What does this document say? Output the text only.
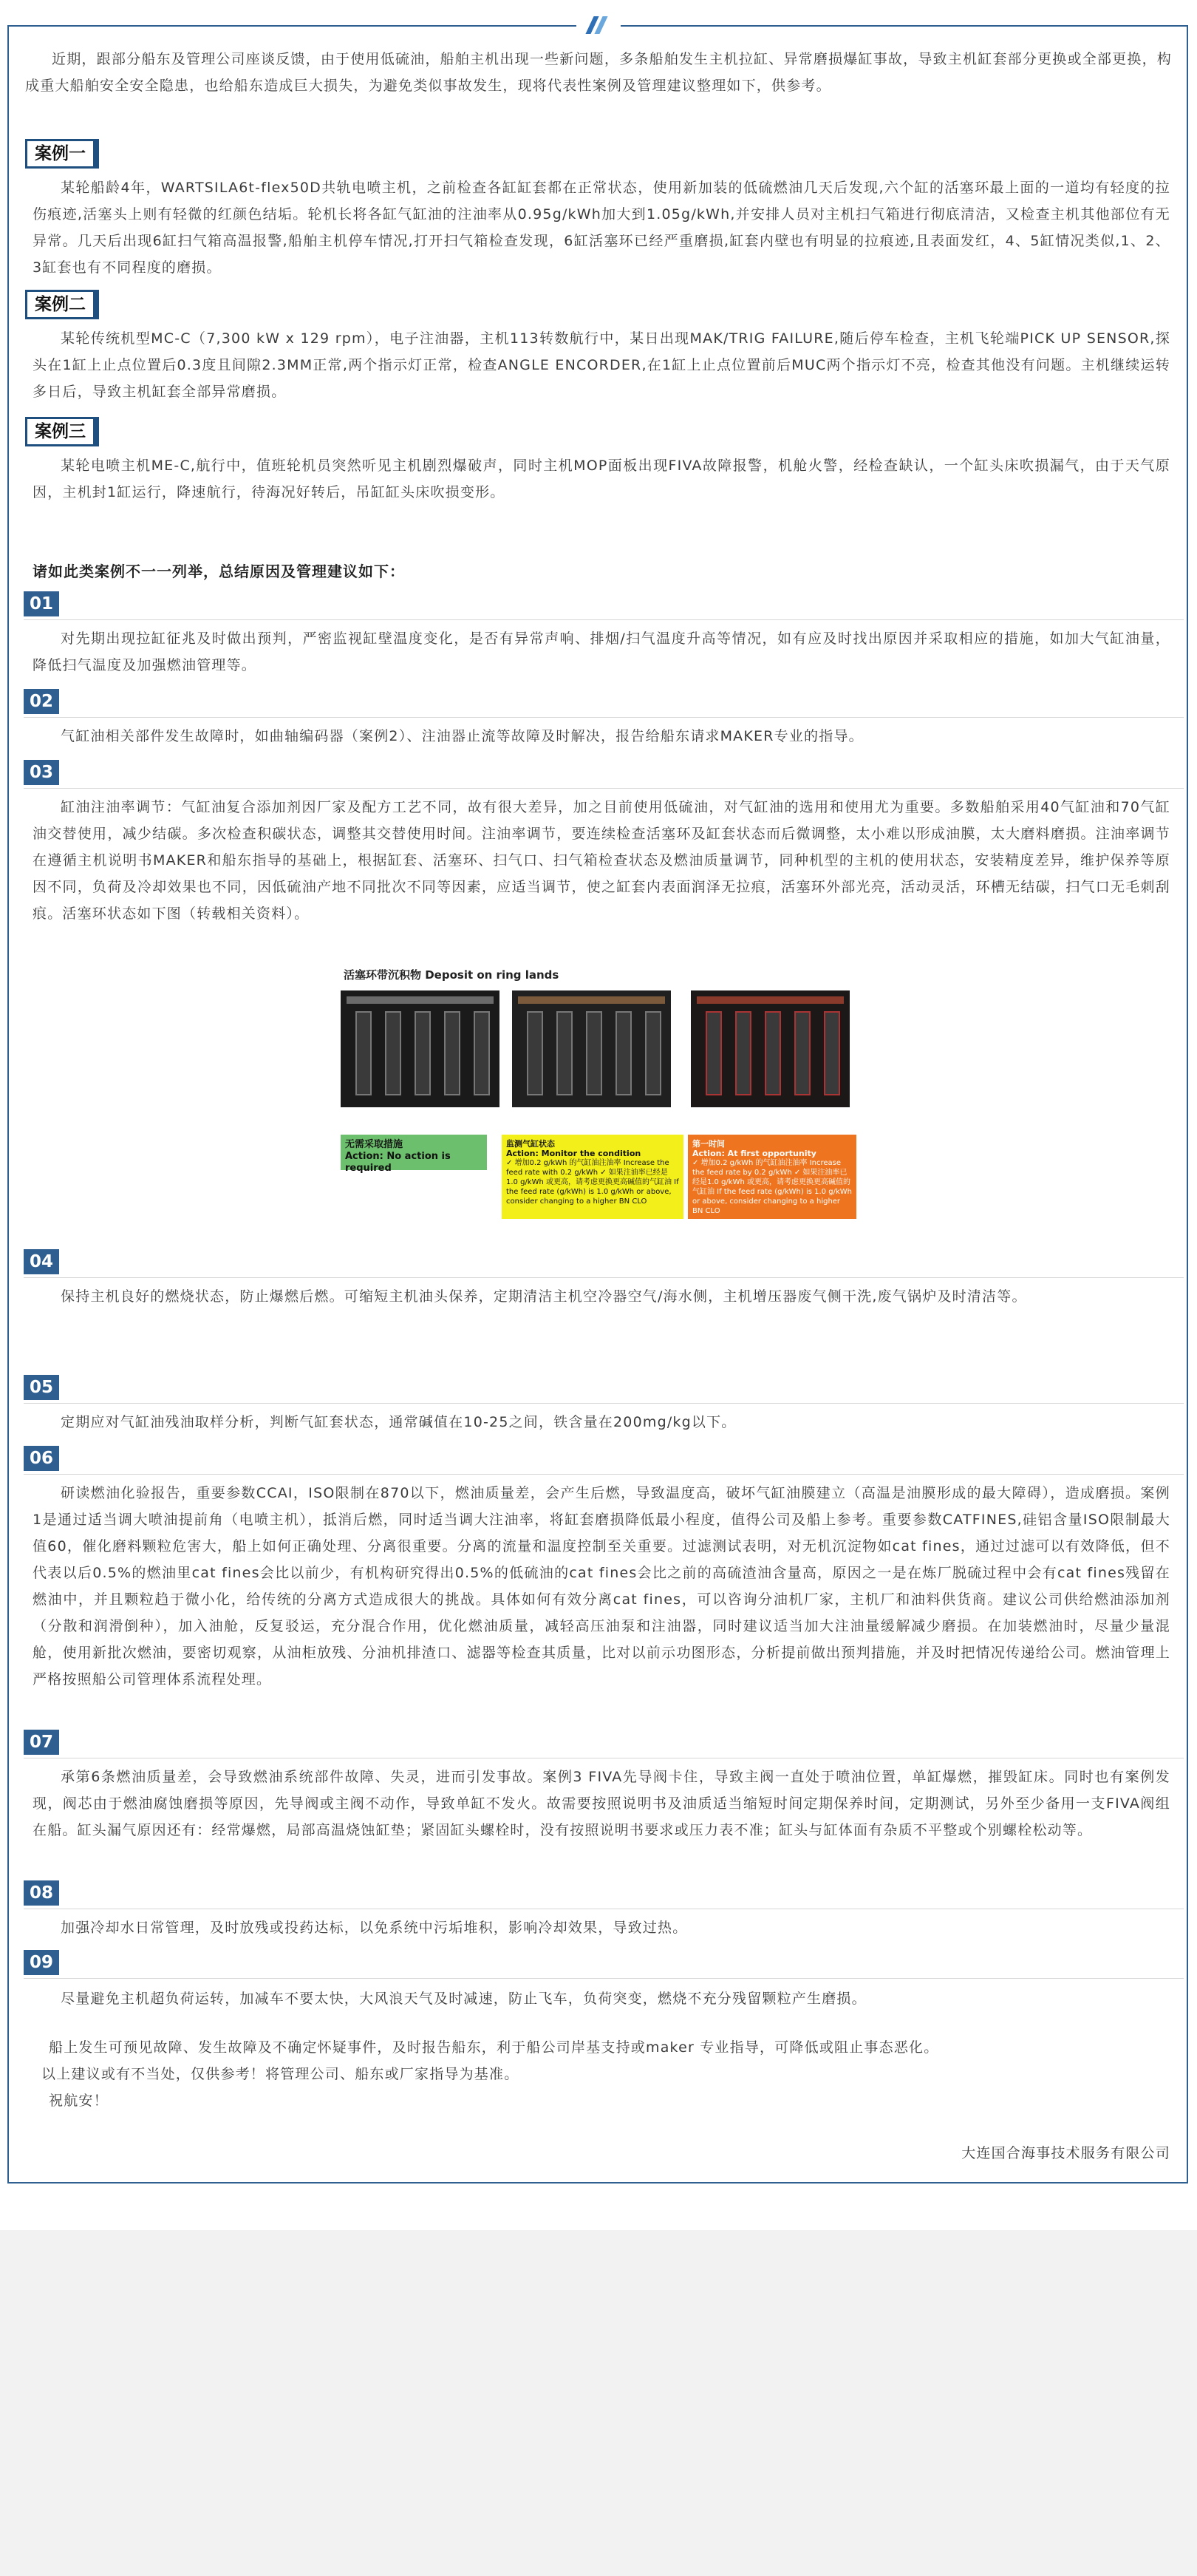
近期，跟部分船东及管理公司座谈反馈，由于使用低硫油，船舶主机出现一些新问题，多条船舶发生主机拉缸、异常磨损爆缸事故，导致主机缸套部分更换或全部更换，构成重大船舶安全安全隐患，也给船东造成巨大损失，为避免类似事故发生，现将代表性案例及管理建议整理如下，供参考。

案例一

某轮船龄4年，WARTSILA6t-flex50D共轨电喷主机，之前检查各缸缸套都在正常状态，使用新加装的低硫燃油几天后发现,六个缸的活塞环最上面的一道均有轻度的拉伤痕迹,活塞头上则有轻微的红颜色结垢。轮机长将各缸气缸油的注油率从0.95g/kWh加大到1.05g/kWh,并安排人员对主机扫气箱进行彻底清洁，又检查主机其他部位有无异常。几天后出现6缸扫气箱高温报警,船舶主机停车情况,打开扫气箱检查发现，6缸活塞环已经严重磨损,缸套内壁也有明显的拉痕迹,且表面发红，4、5缸情况类似,1、2、3缸套也有不同程度的磨损。

案例二

某轮传统机型MC-C（7,300 kW x 129 rpm），电子注油器，主机113转数航行中，某日出现MAK/TRIG FAILURE,随后停车检查，主机飞轮端PICK UP SENSOR,探头在1缸上止点位置后0.3度且间隙2.3MM正常,两个指示灯正常，检查ANGLE ENCORDER,在1缸上止点位置前后MUC两个指示灯不亮，检查其他没有问题。主机继续运转多日后，导致主机缸套全部异常磨损。

案例三

某轮电喷主机ME-C,航行中，值班轮机员突然听见主机剧烈爆破声，同时主机MOP面板出现FIVA故障报警，机舱火警，经检查缺认，一个缸头床吹损漏气，由于天气原因，主机封1缸运行，降速航行，待海况好转后，吊缸缸头床吹损变形。

诸如此类案例不一一列举，总结原因及管理建议如下：
01

对先期出现拉缸征兆及时做出预判，严密监视缸壁温度变化，是否有异常声响、排烟/扫气温度升高等情况，如有应及时找出原因并采取相应的措施，如加大气缸油量，降低扫气温度及加强燃油管理等。

02

气缸油相关部件发生故障时，如曲轴编码器（案例2）、注油器止流等故障及时解决，报告给船东请求MAKER专业的指导。

03

缸油注油率调节：气缸油复合添加剂因厂家及配方工艺不同，故有很大差异，加之目前使用低硫油，对气缸油的选用和使用尤为重要。多数船舶采用40气缸油和70气缸油交替使用，减少结碳。多次检查积碳状态，调整其交替使用时间。注油率调节，要连续检查活塞环及缸套状态而后微调整，太小难以形成油膜，太大磨料磨损。注油率调节在遵循主机说明书MAKER和船东指导的基础上，根据缸套、活塞环、扫气口、扫气箱检查状态及燃油质量调节，同种机型的主机的使用状态，安装精度差异，维护保养等原因不同，负荷及冷却效果也不同，因低硫油产地不同批次不同等因素，应适当调节，使之缸套内表面润泽无拉痕，活塞环外部光亮，活动灵活，环槽无结碳，扫气口无毛刺刮痕。活塞环状态如下图（转载相关资料）。

活塞环带沉积物 Deposit on ring lands
无需采取措施
Action: No action is required
监测气缸状态
Action: Monitor the condition
✓ 增加0.2 g/kWh 的气缸油注油率 Increase the feed rate with 0.2 g/kWh ✓ 如果注油率已经是1.0 g/kWh 或更高，请考虑更换更高碱值的气缸油 If the feed rate (g/kWh) is 1.0 g/kWh or above, consider changing to a higher BN CLO
第一时间
Action: At first opportunity
✓ 增加0.2 g/kWh 的气缸油注油率 Increase the feed rate by 0.2 g/kWh ✓ 如果注油率已经是1.0 g/kWh 或更高，请考虑更换更高碱值的气缸油 If the feed rate (g/kWh) is 1.0 g/kWh or above, consider changing to a higher BN CLO
04

保持主机良好的燃烧状态，防止爆燃后燃。可缩短主机油头保养，定期清洁主机空冷器空气/海水侧，主机增压器废气侧干洗,废气锅炉及时清洁等。

05

定期应对气缸油残油取样分析，判断气缸套状态，通常碱值在10-25之间，铁含量在200mg/kg以下。

06

研读燃油化验报告，重要参数CCAI，ISO限制在870以下，燃油质量差，会产生后燃，导致温度高，破坏气缸油膜建立（高温是油膜形成的最大障碍），造成磨损。案例1是通过适当调大喷油提前角（电喷主机），抵消后燃，同时适当调大注油率，将缸套磨损降低最小程度，值得公司及船上参考。重要参数CATFINES,硅铝含量ISO限制最大值60，催化磨料颗粒危害大，船上如何正确处理、分离很重要。分离的流量和温度控制至关重要。过滤测试表明，对无机沉淀物如cat fines，通过过滤可以有效降低，但不代表以后0.5%的燃油里cat fines会比以前少，有机构研究得出0.5%的低硫油的cat fines会比之前的高硫渣油含量高，原因之一是在炼厂脱硫过程中会有cat fines残留在燃油中，并且颗粒趋于微小化，给传统的分离方式造成很大的挑战。具体如何有效分离cat fines，可以咨询分油机厂家，主机厂和油料供货商。建议公司供给燃油添加剂（分散和润滑倒种），加入油舱，反复驳运，充分混合作用，优化燃油质量，减轻高压油泵和注油器，同时建议适当加大注油量缓解减少磨损。在加装燃油时，尽量少量混舱，使用新批次燃油，要密切观察，从油柜放残、分油机排渣口、滤器等检查其质量，比对以前示功图形态，分析提前做出预判措施，并及时把情况传递给公司。燃油管理上严格按照船公司管理体系流程处理。

07

承第6条燃油质量差，会导致燃油系统部件故障、失灵，进而引发事故。案例3 FIVA先导阀卡住，导致主阀一直处于喷油位置，单缸爆燃，摧毁缸床。同时也有案例发现，阀芯由于燃油腐蚀磨损等原因，先导阀或主阀不动作，导致单缸不发火。故需要按照说明书及油质适当缩短时间定期保养时间，定期测试，另外至少备用一支FIVA阀组在船。缸头漏气原因还有：经常爆燃，局部高温烧蚀缸垫；紧固缸头螺栓时，没有按照说明书要求或压力表不准；缸头与缸体面有杂质不平整或个别螺栓松动等。

08

加强冷却水日常管理，及时放残或投药达标，以免系统中污垢堆积，影响冷却效果，导致过热。

09

尽量避免主机超负荷运转，加减车不要太快，大风浪天气及时减速，防止飞车，负荷突变，燃烧不充分残留颗粒产生磨损。

船上发生可预见故障、发生故障及不确定怀疑事件，及时报告船东，利于船公司岸基支持或maker 专业指导，可降低或阻止事态恶化。

以上建议或有不当处，仅供参考！将管理公司、船东或厂家指导为基准。

祝航安！

大连国合海事技术服务有限公司
